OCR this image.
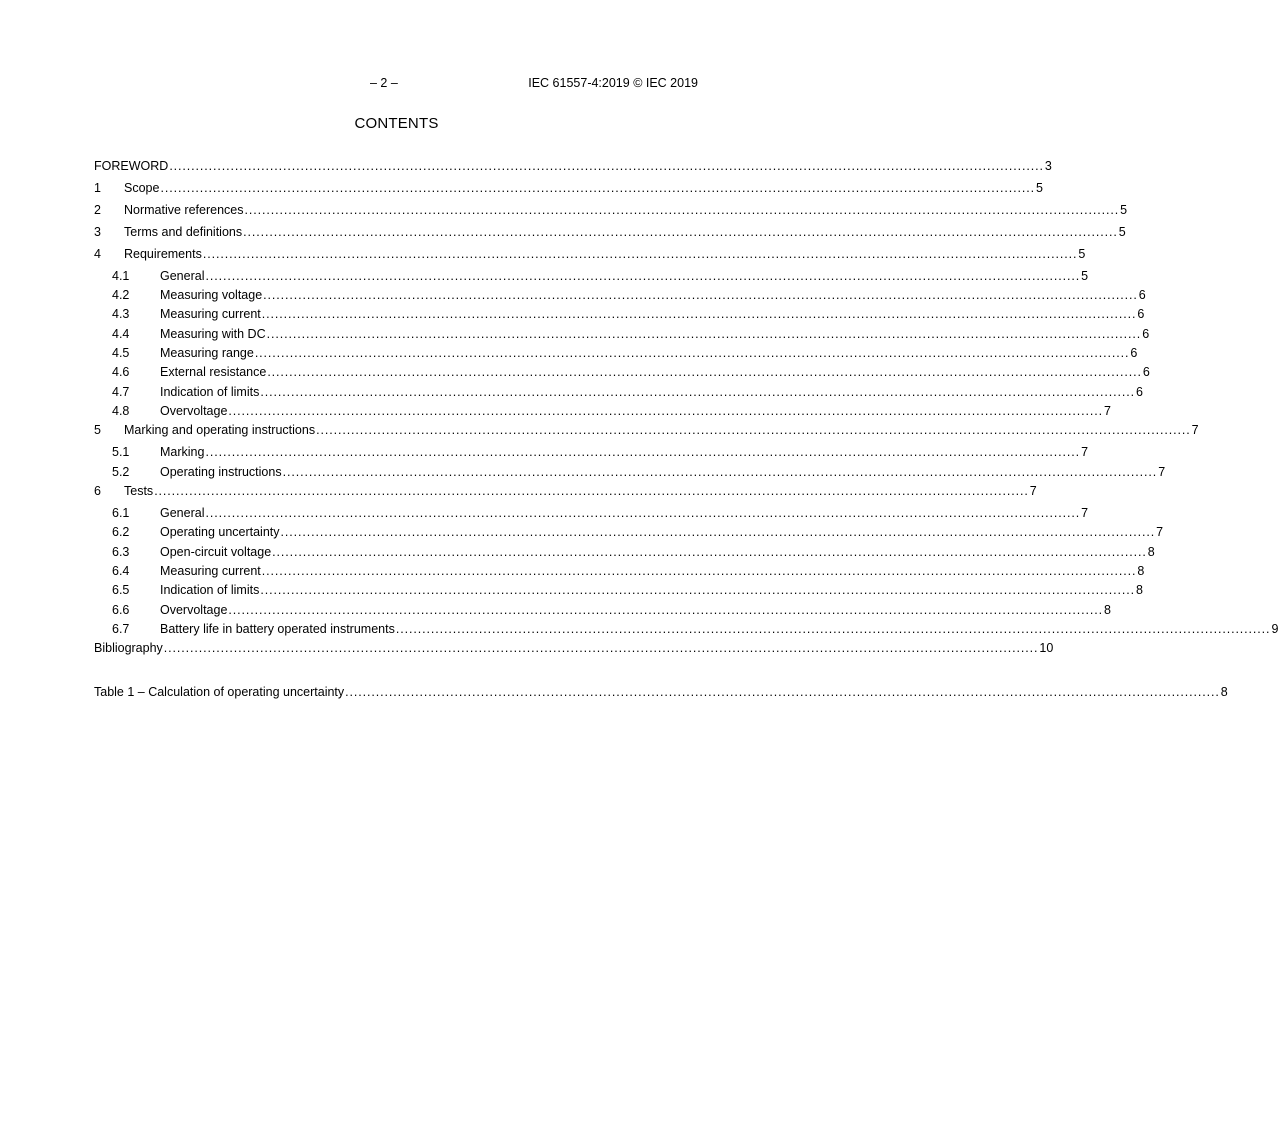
– 2 –	IEC 61557-4:2019 © IEC 2019
CONTENTS
FOREWORD ........................................................................................................................................................................................................ 3
1	Scope ........................................................................................................................................................................................................ 5
2	Normative references ........................................................................................................................................................................................................ 5
3	Terms and definitions ........................................................................................................................................................................................................ 5
4	Requirements ........................................................................................................................................................................................................ 5
4.1	General ........................................................................................................................................................................................................ 5
4.2	Measuring voltage ........................................................................................................................................................................................................ 6
4.3	Measuring current ........................................................................................................................................................................................................ 6
4.4	Measuring with DC ........................................................................................................................................................................................................ 6
4.5	Measuring range ........................................................................................................................................................................................................ 6
4.6	External resistance ........................................................................................................................................................................................................ 6
4.7	Indication of limits ........................................................................................................................................................................................................ 6
4.8	Overvoltage ........................................................................................................................................................................................................ 7
5	Marking and operating instructions ........................................................................................................................................................................................................ 7
5.1	Marking ........................................................................................................................................................................................................ 7
5.2	Operating instructions ........................................................................................................................................................................................................ 7
6	Tests ........................................................................................................................................................................................................ 7
6.1	General ........................................................................................................................................................................................................ 7
6.2	Operating uncertainty ........................................................................................................................................................................................................ 7
6.3	Open-circuit voltage ........................................................................................................................................................................................................ 8
6.4	Measuring current ........................................................................................................................................................................................................ 8
6.5	Indication of limits ........................................................................................................................................................................................................ 8
6.6	Overvoltage ........................................................................................................................................................................................................ 8
6.7	Battery life in battery operated instruments ........................................................................................................................................................................................................ 9
Bibliography ........................................................................................................................................................................................................ 10
Table 1 – Calculation of operating uncertainty ........................................................................................................................................................................................................ 8
